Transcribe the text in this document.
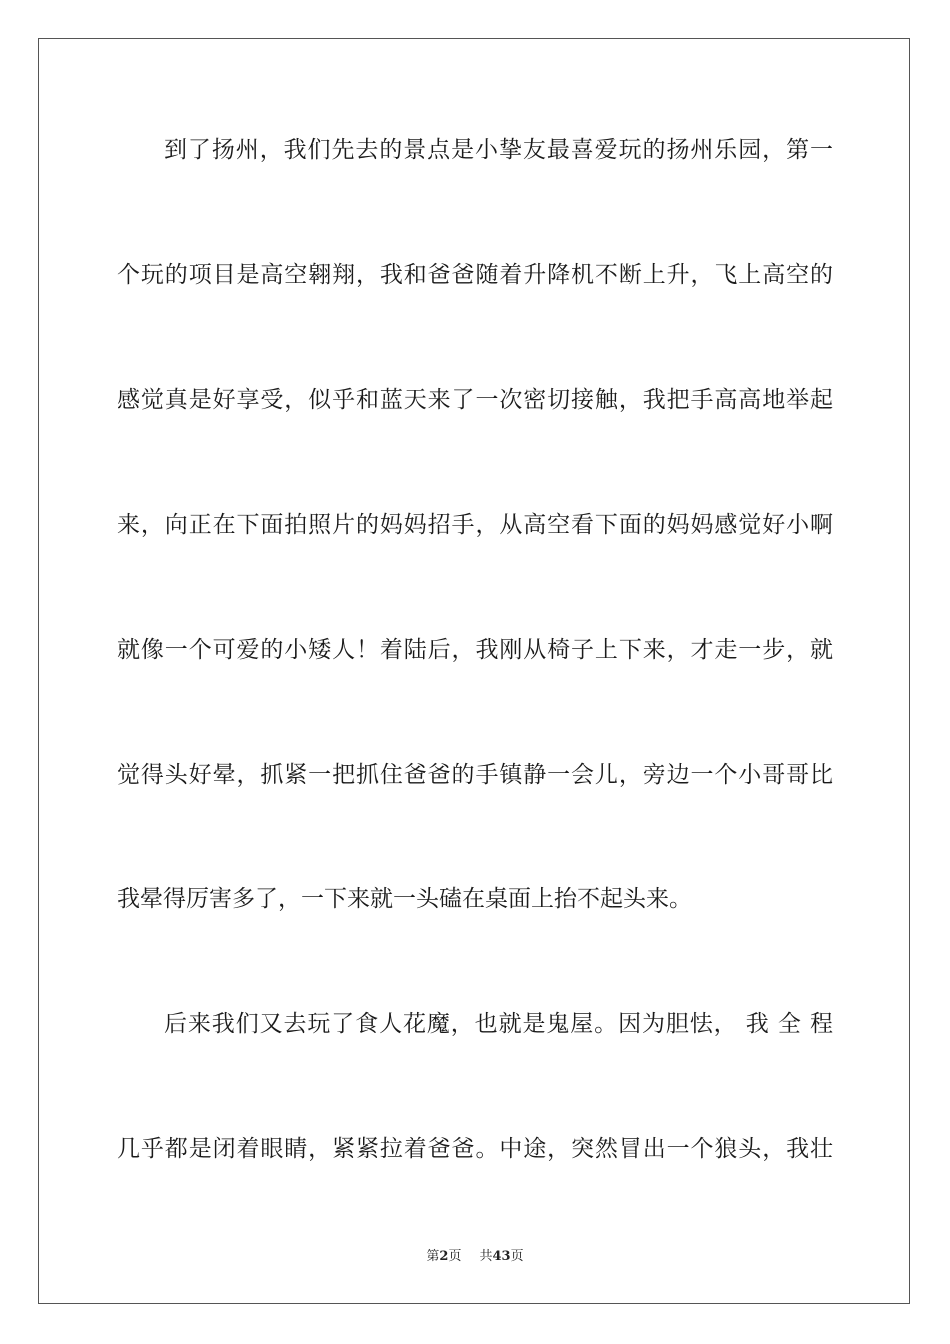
到了扬州，我们先去的景点是小挚友最喜爱玩的扬州乐园，第一
个玩的项目是高空翱翔，我和爸爸随着升降机不断上升，飞上高空的
感觉真是好享受，似乎和蓝天来了一次密切接触，我把手高高地举起
来，向正在下面拍照片的妈妈招手，从高空看下面的妈妈感觉好小啊
就像一个可爱的小矮人！着陆后，我刚从椅子上下来，才走一步，就
觉得头好晕，抓紧一把抓住爸爸的手镇静一会儿，旁边一个小哥哥比
我晕得厉害多了，一下来就一头磕在桌面上抬不起头来。
后来我们又去玩了食人花魔，也就是鬼屋。因为胆怯， 我 全 程
几乎都是闭着眼睛，紧紧拉着爸爸。中途，突然冒出一个狼头，我壮
第2页 共43页
